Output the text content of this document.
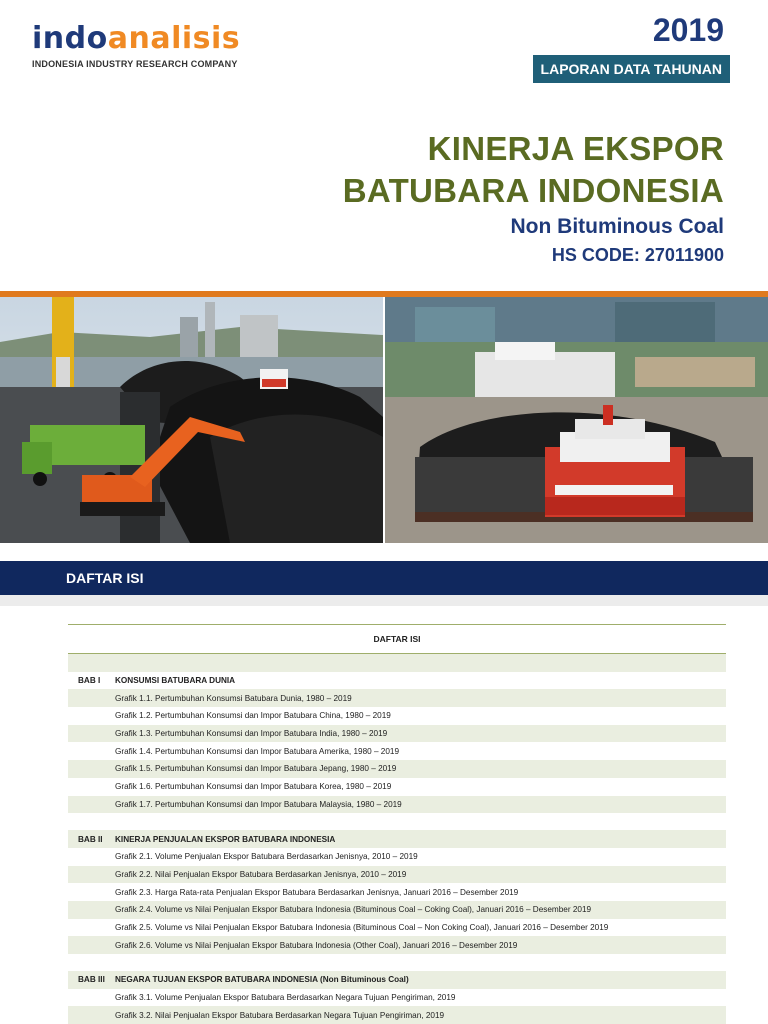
indoanalisis
INDONESIA INDUSTRY RESEARCH COMPANY
2019
LAPORAN DATA TAHUNAN
KINERJA EKSPOR
BATUBARA INDONESIA
Non Bituminous Coal
HS CODE: 27011900
DAFTAR ISI
DAFTAR ISI
BAB I	KONSUMSI BATUBARA DUNIA
Grafik 1.1. Pertumbuhan Konsumsi Batubara Dunia, 1980 – 2019
Grafik 1.2. Pertumbuhan Konsumsi dan Impor Batubara China, 1980 – 2019
Grafik 1.3. Pertumbuhan Konsumsi dan Impor Batubara India, 1980 – 2019
Grafik 1.4. Pertumbuhan Konsumsi dan Impor Batubara Amerika, 1980 – 2019
Grafik 1.5. Pertumbuhan Konsumsi dan Impor Batubara Jepang, 1980 – 2019
Grafik 1.6. Pertumbuhan Konsumsi dan Impor Batubara Korea, 1980 – 2019
Grafik 1.7. Pertumbuhan Konsumsi dan Impor Batubara Malaysia, 1980 – 2019
BAB II	KINERJA PENJUALAN EKSPOR BATUBARA INDONESIA
Grafik 2.1. Volume Penjualan Ekspor Batubara Berdasarkan Jenisnya, 2010 – 2019
Grafik 2.2. Nilai Penjualan Ekspor Batubara Berdasarkan Jenisnya, 2010 – 2019
Grafik 2.3. Harga Rata-rata Penjualan Ekspor Batubara Berdasarkan Jenisnya, Januari 2016 – Desember 2019
Grafik 2.4. Volume vs Nilai Penjualan Ekspor Batubara Indonesia (Bituminous Coal – Coking Coal), Januari 2016 – Desember 2019
Grafik 2.5. Volume vs Nilai Penjualan Ekspor Batubara Indonesia (Bituminous Coal – Non Coking Coal), Januari 2016 – Desember 2019
Grafik 2.6. Volume vs Nilai Penjualan Ekspor Batubara Indonesia (Other Coal), Januari 2016 – Desember 2019
BAB III	NEGARA TUJUAN EKSPOR BATUBARA INDONESIA (Non Bituminous Coal)
Grafik 3.1. Volume Penjualan Ekspor Batubara Berdasarkan Negara Tujuan Pengiriman, 2019
Grafik 3.2. Nilai Penjualan Ekspor Batubara Berdasarkan Negara Tujuan Pengiriman, 2019
